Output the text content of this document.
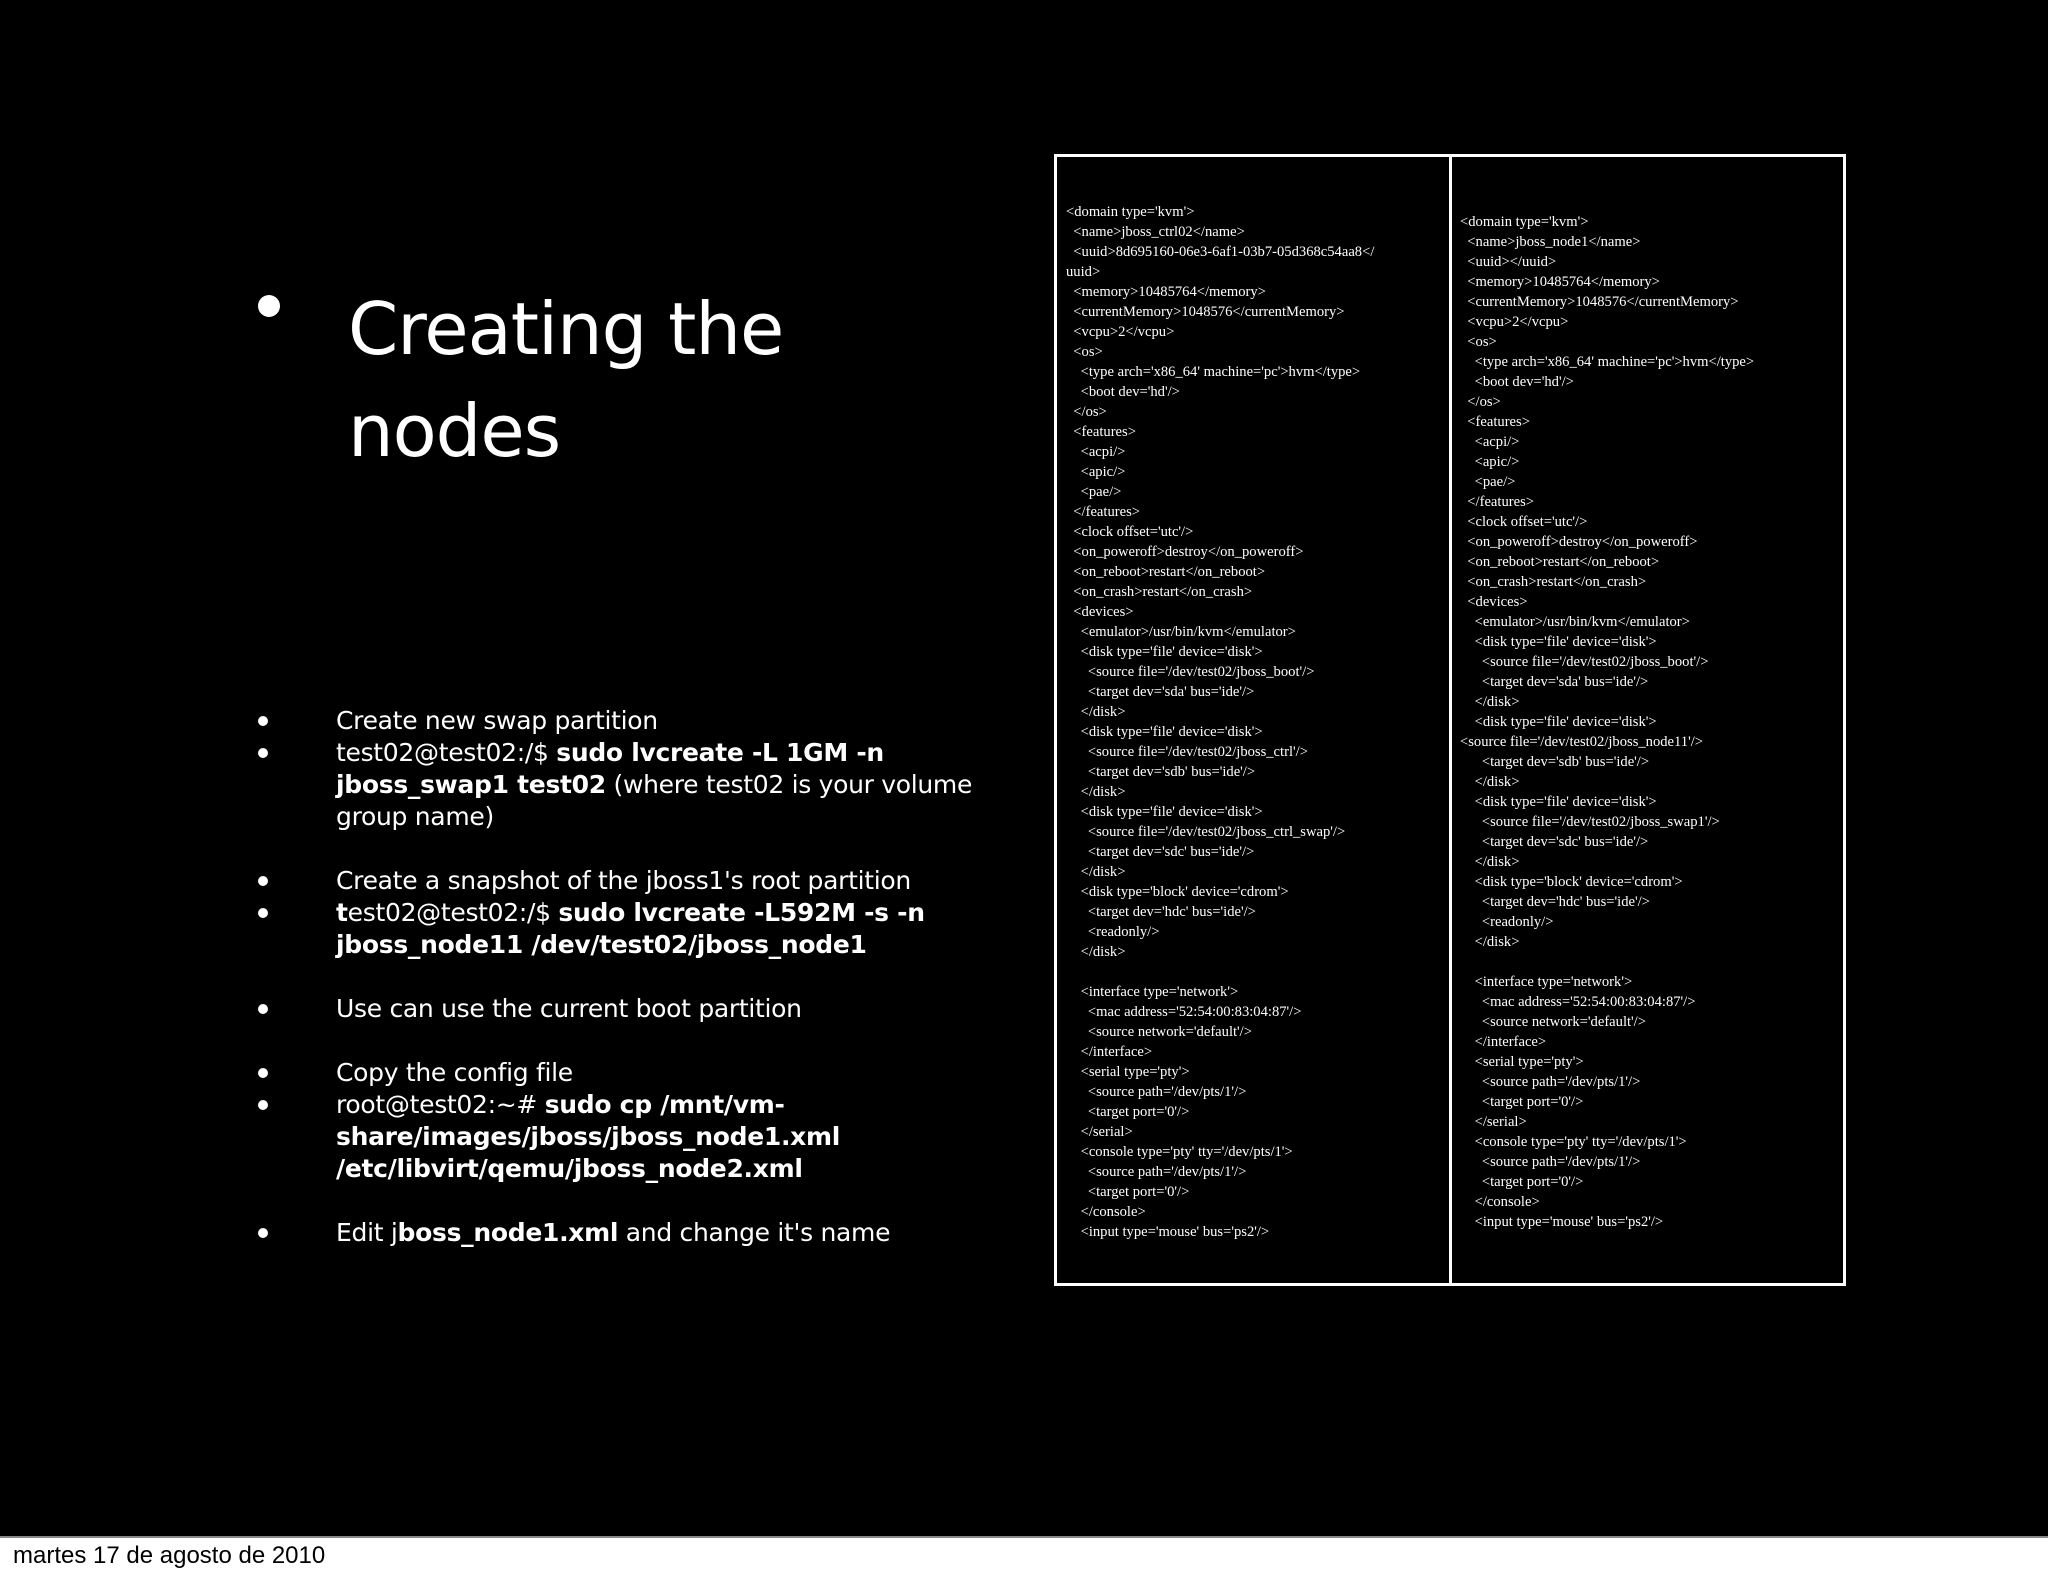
Creating the nodes
Create new swap partition
test02@test02:/$ sudo lvcreate -L 1GM -n jboss_swap1 test02 (where test02 is your volume group name)
Create a snapshot of the jboss1's root partition
test02@test02:/$ sudo lvcreate -L592M -s -n jboss_node11 /dev/test02/jboss_node1
Use can use the current boot partition
Copy the config file
root@test02:~# sudo cp /mnt/vm-share/images/jboss/jboss_node1.xml /etc/libvirt/qemu/jboss_node2.xml
Edit jboss_node1.xml and change it's name
<domain type='kvm'>
<name>jboss_ctrl02</name>
<uuid>8d695160-06e3-6af1-03b7-05d368c54aa8</
uuid>
<memory>10485764</memory>
<currentMemory>1048576</currentMemory>
<vcpu>2</vcpu>
<os>
<type arch='x86_64' machine='pc'>hvm</type>
<boot dev='hd'/>
</os>
<features>
<acpi/>
<apic/>
<pae/>
</features>
<clock offset='utc'/>
<on_poweroff>destroy</on_poweroff>
<on_reboot>restart</on_reboot>
<on_crash>restart</on_crash>
<devices>
<emulator>/usr/bin/kvm</emulator>
<disk type='file' device='disk'>
<source file='/dev/test02/jboss_boot'/>
<target dev='sda' bus='ide'/>
</disk>
<disk type='file' device='disk'>
<source file='/dev/test02/jboss_ctrl'/>
<target dev='sdb' bus='ide'/>
</disk>
<disk type='file' device='disk'>
<source file='/dev/test02/jboss_ctrl_swap'/>
<target dev='sdc' bus='ide'/>
</disk>
<disk type='block' device='cdrom'>
<target dev='hdc' bus='ide'/>
<readonly/>
</disk>

<interface type='network'>
<mac address='52:54:00:83:04:87'/>
<source network='default'/>
</interface>
<serial type='pty'>
<source path='/dev/pts/1'/>
<target port='0'/>
</serial>
<console type='pty' tty='/dev/pts/1'>
<source path='/dev/pts/1'/>
<target port='0'/>
</console>
<input type='mouse' bus='ps2'/>

<domain type='kvm'>
<name>jboss_node1</name>
<uuid></uuid>
<memory>10485764</memory>
<currentMemory>1048576</currentMemory>
<vcpu>2</vcpu>
<os>
<type arch='x86_64' machine='pc'>hvm</type>
<boot dev='hd'/>
</os>
<features>
<acpi/>
<apic/>
<pae/>
</features>
<clock offset='utc'/>
<on_poweroff>destroy</on_poweroff>
<on_reboot>restart</on_reboot>
<on_crash>restart</on_crash>
<devices>
<emulator>/usr/bin/kvm</emulator>
<disk type='file' device='disk'>
<source file='/dev/test02/jboss_boot'/>
<target dev='sda' bus='ide'/>
</disk>
<disk type='file' device='disk'>
<source file='/dev/test02/jboss_node11'/>
<target dev='sdb' bus='ide'/>
</disk>
<disk type='file' device='disk'>
<source file='/dev/test02/jboss_swap1'/>
<target dev='sdc' bus='ide'/>
</disk>
<disk type='block' device='cdrom'>
<target dev='hdc' bus='ide'/>
<readonly/>
</disk>

<interface type='network'>
<mac address='52:54:00:83:04:87'/>
<source network='default'/>
</interface>
<serial type='pty'>
<source path='/dev/pts/1'/>
<target port='0'/>
</serial>
<console type='pty' tty='/dev/pts/1'>
<source path='/dev/pts/1'/>
<target port='0'/>
</console>
<input type='mouse' bus='ps2'/>

martes 17 de agosto de 2010
